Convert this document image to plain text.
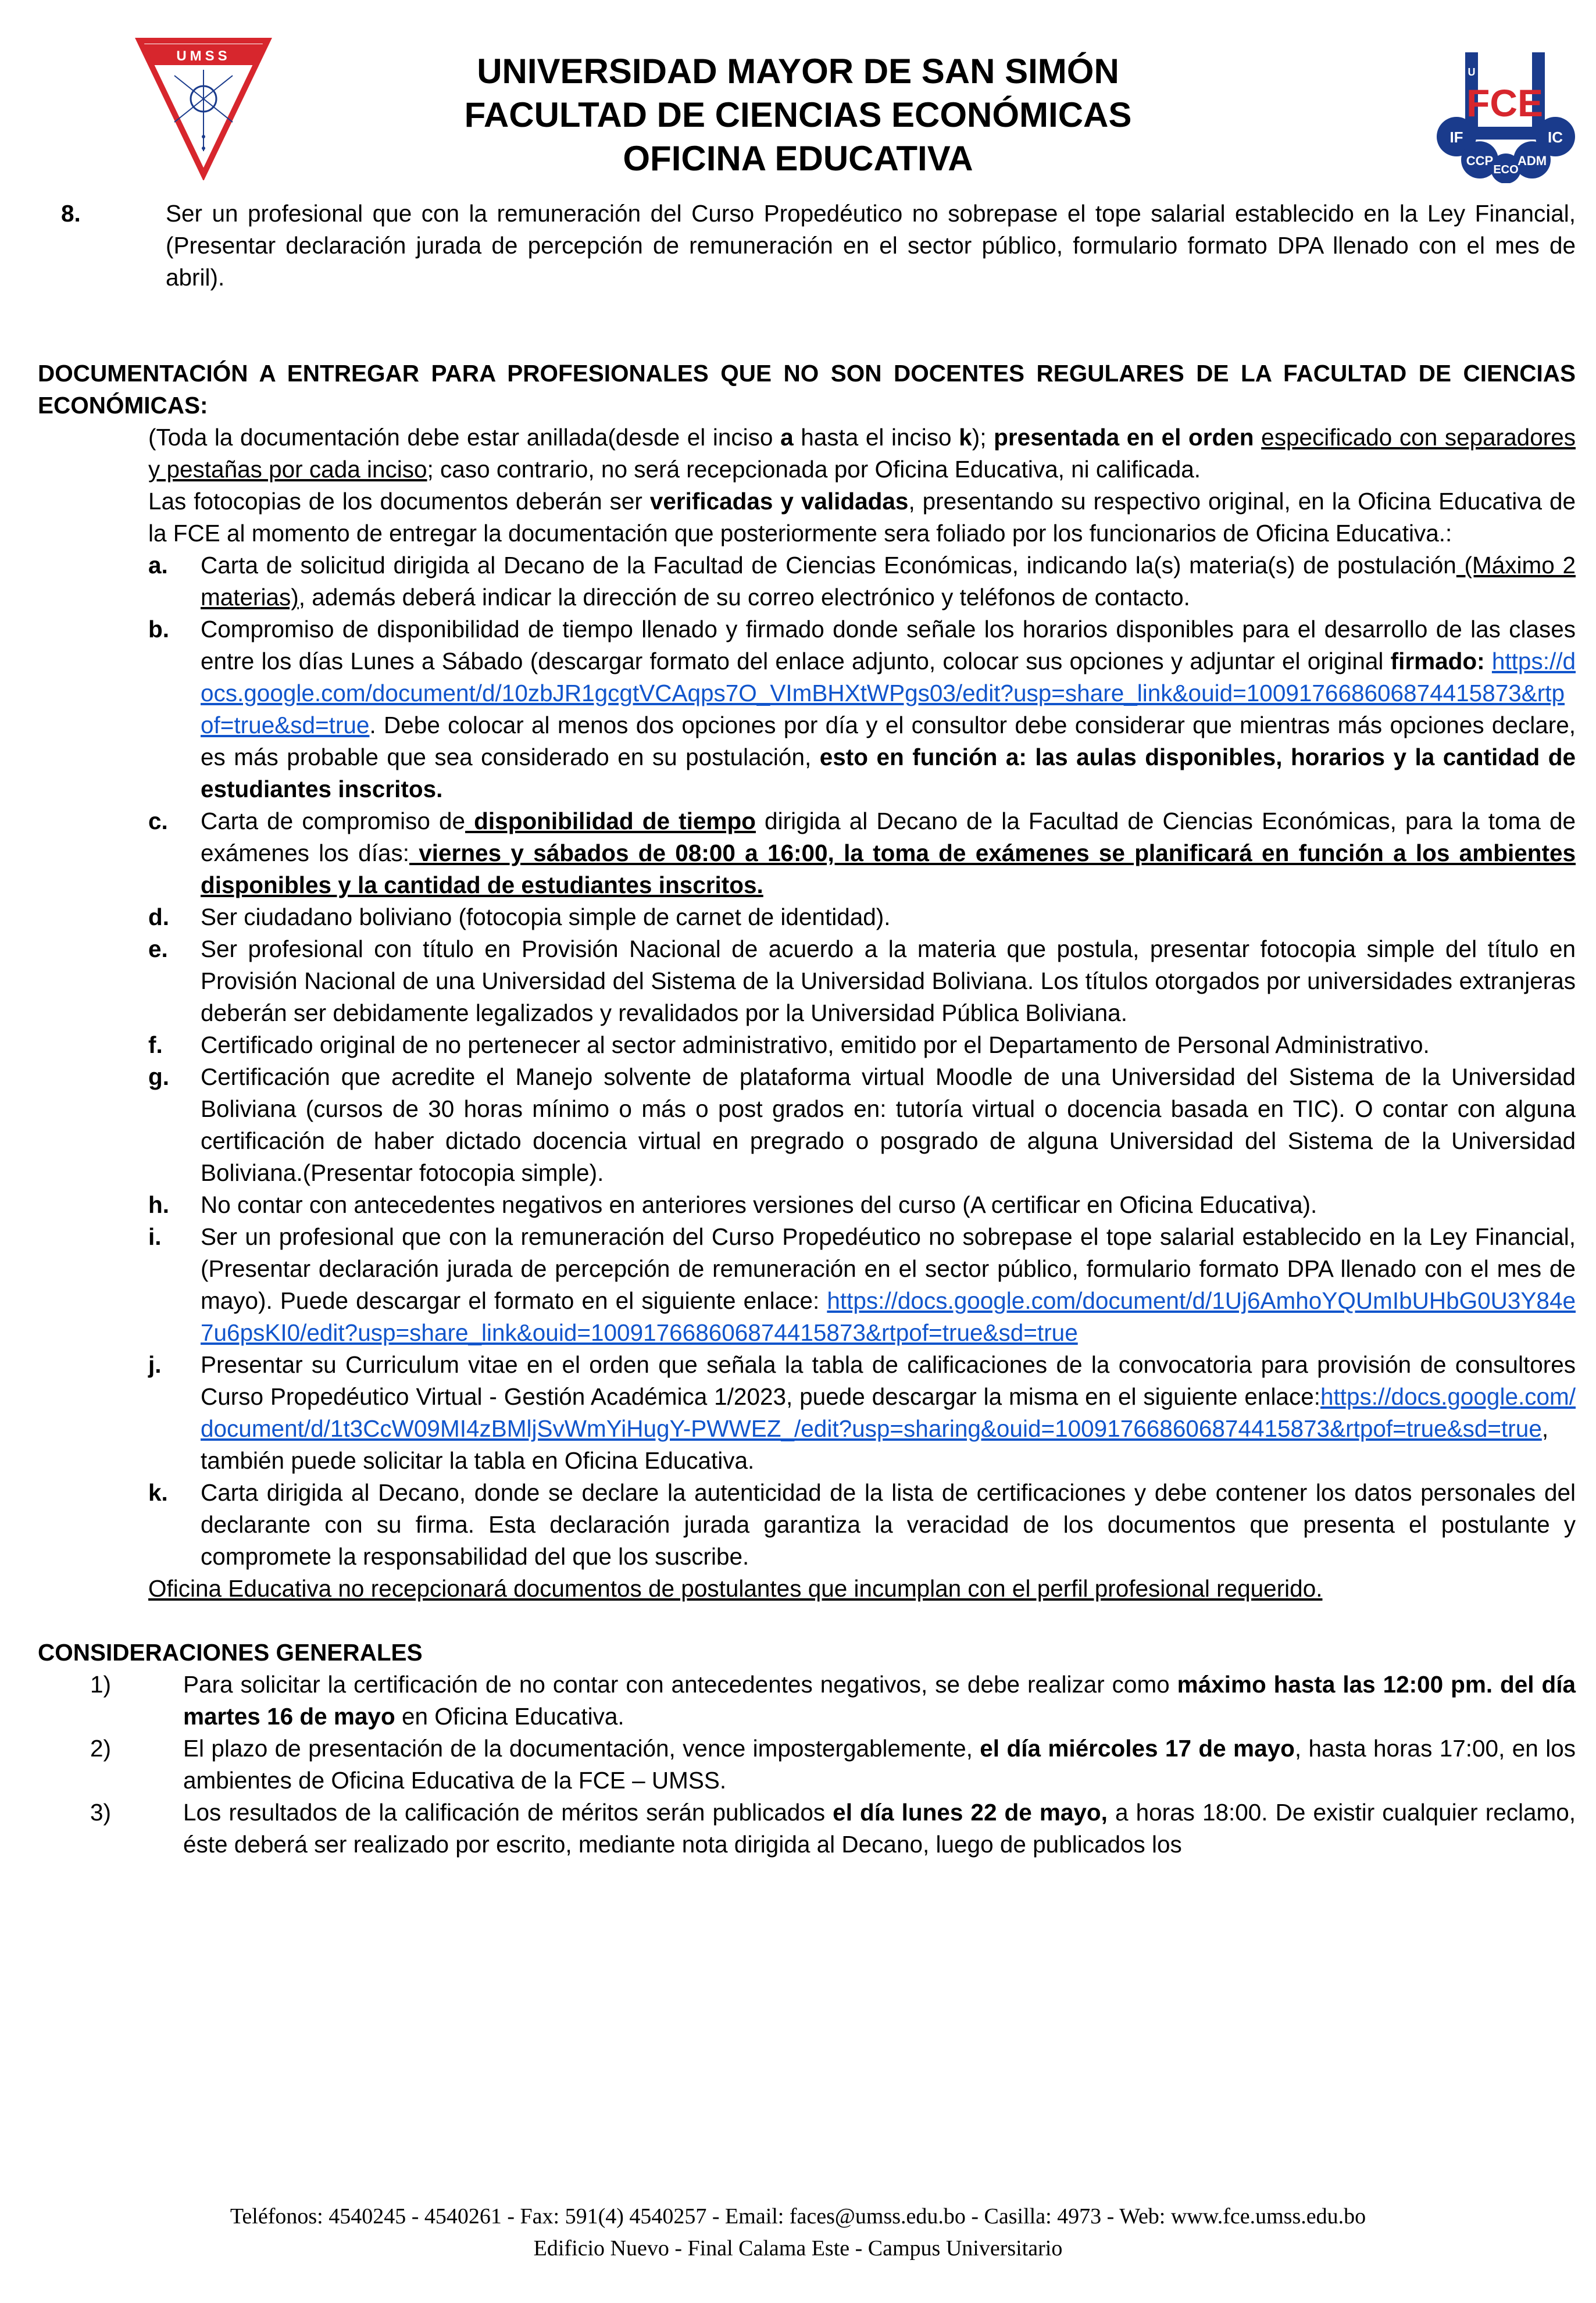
UMSS	UNIVERSIDAD MAYOR DE SAN SIMÓN
FACULTAD DE CIENCIAS ECONÓMICAS
OFICINA EDUCATIVA
U
FCE
IF	IC
CCP ADM
ECO
8.	Ser un profesional que con la remuneración del Curso Propedéutico no sobrepase el tope salarial establecido en la Ley Financial, (Presentar declaración jurada de percepción de remuneración en el sector público, formulario formato DPA llenado con el mes de abril).
DOCUMENTACIÓN A ENTREGAR PARA PROFESIONALES QUE NO SON DOCENTES REGULARES DE LA FACULTAD DE CIENCIAS ECONÓMICAS:
(Toda la documentación debe estar anillada(desde el inciso a hasta el inciso k); presentada en el orden especificado con separadores y pestañas por cada inciso; caso contrario, no será recepcionada por Oficina Educativa, ni calificada.
Las fotocopias de los documentos deberán ser verificadas y validadas, presentando su respectivo original, en la Oficina Educativa de la FCE al momento de entregar la documentación que posteriormente sera foliado por los funcionarios de Oficina Educativa.:
a.	Carta de solicitud dirigida al Decano de la Facultad de Ciencias Económicas, indicando la(s) materia(s) de postulación (Máximo 2 materias), además deberá indicar la dirección de su correo electrónico y teléfonos de contacto.
b.	Compromiso de disponibilidad de tiempo llenado y firmado donde señale los horarios disponibles para el desarrollo de las clases entre los días Lunes a Sábado (descargar formato del enlace adjunto, colocar sus opciones y adjuntar el original firmado: https://docs.google.com/document/d/10zbJR1gcgtVCAqps7O_VImBHXtWPgs03/edit?usp=share_link&ouid=100917668606874415873&rtpof=true&sd=true. Debe colocar al menos dos opciones por día y el consultor debe considerar que mientras más opciones declare, es más probable que sea considerado en su postulación, esto en función a: las aulas disponibles, horarios y la cantidad de estudiantes inscritos.
c.	Carta de compromiso de disponibilidad de tiempo dirigida al Decano de la Facultad de Ciencias Económicas, para la toma de exámenes los días: viernes y sábados de 08:00 a 16:00, la toma de exámenes se planificará en función a los ambientes disponibles y la cantidad de estudiantes inscritos.
d.	Ser ciudadano boliviano (fotocopia simple de carnet de identidad).
e.	Ser profesional con título en Provisión Nacional de acuerdo a la materia que postula, presentar fotocopia simple del título en Provisión Nacional de una Universidad del Sistema de la Universidad Boliviana. Los títulos otorgados por universidades extranjeras deberán ser debidamente legalizados y revalidados por la Universidad Pública Boliviana.
f.	Certificado original de no pertenecer al sector administrativo, emitido por el Departamento de Personal Administrativo.
g.	Certificación que acredite el Manejo solvente de plataforma virtual Moodle de una Universidad del Sistema de la Universidad Boliviana (cursos de 30 horas mínimo o más o post grados en: tutoría virtual o docencia basada en TIC). O contar con alguna certificación de haber dictado docencia virtual en pregrado o posgrado de alguna Universidad del Sistema de la Universidad Boliviana.(Presentar fotocopia simple).
h.	No contar con antecedentes negativos en anteriores versiones del curso (A certificar en Oficina Educativa).
i.	Ser un profesional que con la remuneración del Curso Propedéutico no sobrepase el tope salarial establecido en la Ley Financial, (Presentar declaración jurada de percepción de remuneración en el sector público, formulario formato DPA llenado con el mes de mayo). Puede descargar el formato en el siguiente enlace: https://docs.google.com/document/d/1Uj6AmhoYQUmIbUHbG0U3Y84e7u6psKI0/edit?usp=share_link&ouid=100917668606874415873&rtpof=true&sd=true
j.	Presentar su Curriculum vitae en el orden que señala la tabla de calificaciones de la convocatoria para provisión de consultores Curso Propedéutico Virtual - Gestión Académica 1/2023, puede descargar la misma en el siguiente enlace:https://docs.google.com/document/d/1t3CcW09MI4zBMljSvWmYiHugY-PWWEZ_/edit?usp=sharing&ouid=100917668606874415873&rtpof=true&sd=true, también puede solicitar la tabla en Oficina Educativa.
k.	Carta dirigida al Decano, donde se declare la autenticidad de la lista de certificaciones y debe contener los datos personales del declarante con su firma. Esta declaración jurada garantiza la veracidad de los documentos que presenta el postulante y compromete la responsabilidad del que los suscribe.
Oficina Educativa no recepcionará documentos de postulantes que incumplan con el perfil profesional requerido.
CONSIDERACIONES GENERALES
1)	Para solicitar la certificación de no contar con antecedentes negativos, se debe realizar como máximo hasta las 12:00 pm. del día martes 16 de mayo en Oficina Educativa.
2)	El plazo de presentación de la documentación, vence impostergablemente, el día miércoles 17 de mayo, hasta horas 17:00, en los ambientes de Oficina Educativa de la FCE – UMSS.
3)	Los resultados de la calificación de méritos serán publicados el día lunes 22 de mayo, a horas 18:00. De existir cualquier reclamo, éste deberá ser realizado por escrito, mediante nota dirigida al Decano, luego de publicados los
Teléfonos: 4540245 - 4540261 - Fax: 591(4) 4540257 - Email: faces@umss.edu.bo - Casilla: 4973 - Web: www.fce.umss.edu.bo
Edificio Nuevo - Final Calama Este - Campus Universitario
